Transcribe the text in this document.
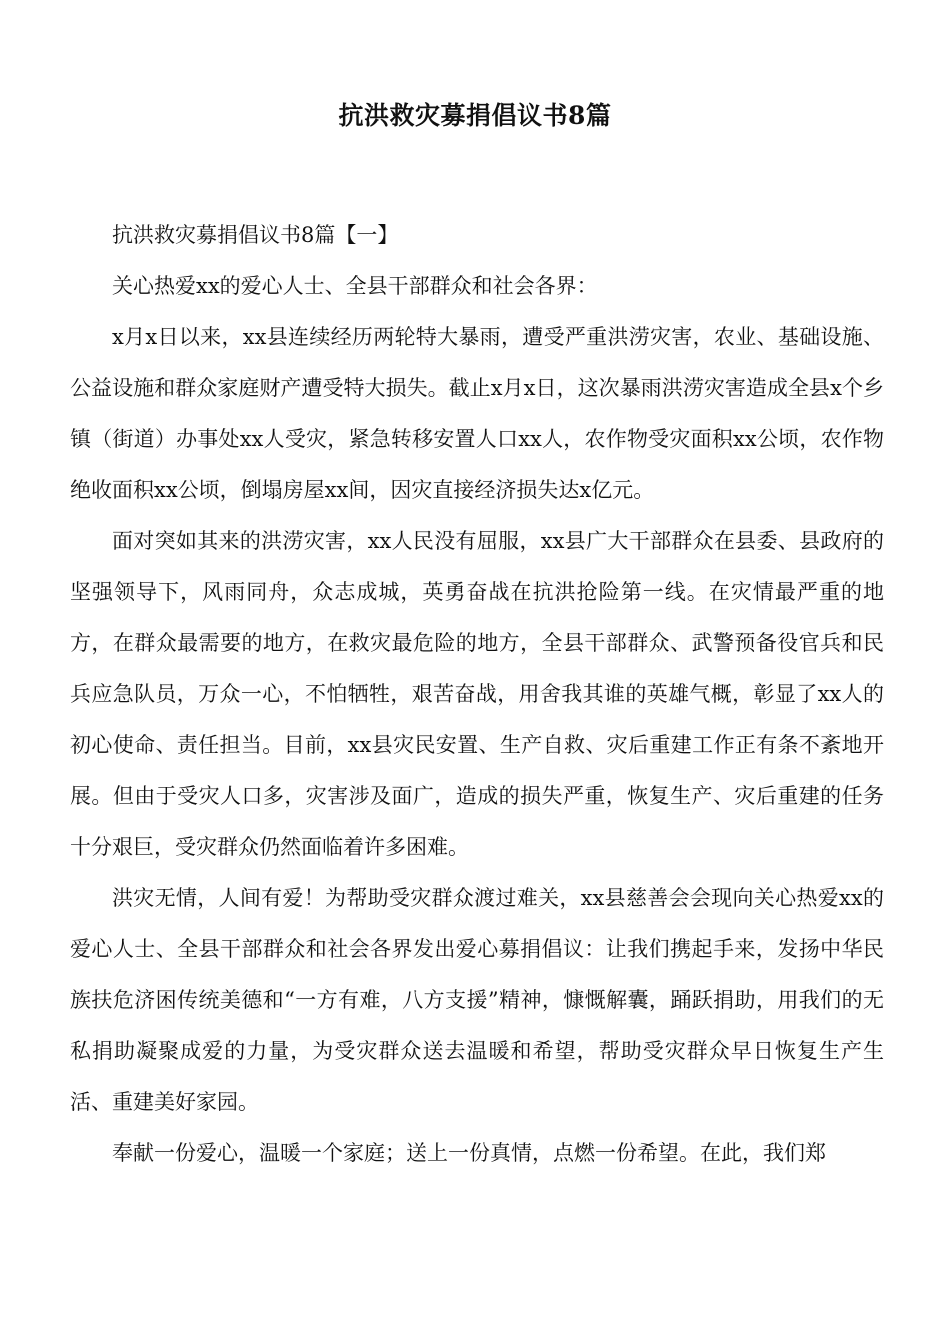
抗洪救灾募捐倡议书8篇

抗洪救灾募捐倡议书8篇【一】

关心热爱xx的爱心人士、全县干部群众和社会各界：

x月x日以来，xx县连续经历两轮特大暴雨，遭受严重洪涝灾害，农业、基础设施、公益设施和群众家庭财产遭受特大损失。截止x月x日，这次暴雨洪涝灾害造成全县x个乡镇（街道）办事处xx人受灾，紧急转移安置人口xx人，农作物受灾面积xx公顷，农作物绝收面积xx公顷，倒塌房屋xx间，因灾直接经济损失达x亿元。

面对突如其来的洪涝灾害，xx人民没有屈服，xx县广大干部群众在县委、县政府的坚强领导下，风雨同舟，众志成城，英勇奋战在抗洪抢险第一线。在灾情最严重的地方，在群众最需要的地方，在救灾最危险的地方，全县干部群众、武警预备役官兵和民兵应急队员，万众一心，不怕牺牲，艰苦奋战，用舍我其谁的英雄气概，彰显了xx人的初心使命、责任担当。目前，xx县灾民安置、生产自救、灾后重建工作正有条不紊地开展。但由于受灾人口多，灾害涉及面广，造成的损失严重，恢复生产、灾后重建的任务十分艰巨，受灾群众仍然面临着许多困难。

洪灾无情，人间有爱！为帮助受灾群众渡过难关，xx县慈善会会现向关心热爱xx的爱心人士、全县干部群众和社会各界发出爱心募捐倡议：让我们携起手来，发扬中华民族扶危济困传统美德和“一方有难，八方支援”精神，慷慨解囊，踊跃捐助，用我们的无私捐助凝聚成爱的力量，为受灾群众送去温暖和希望，帮助受灾群众早日恢复生产生活、重建美好家园。

奉献一份爱心，温暖一个家庭；送上一份真情，点燃一份希望。在此，我们郑
